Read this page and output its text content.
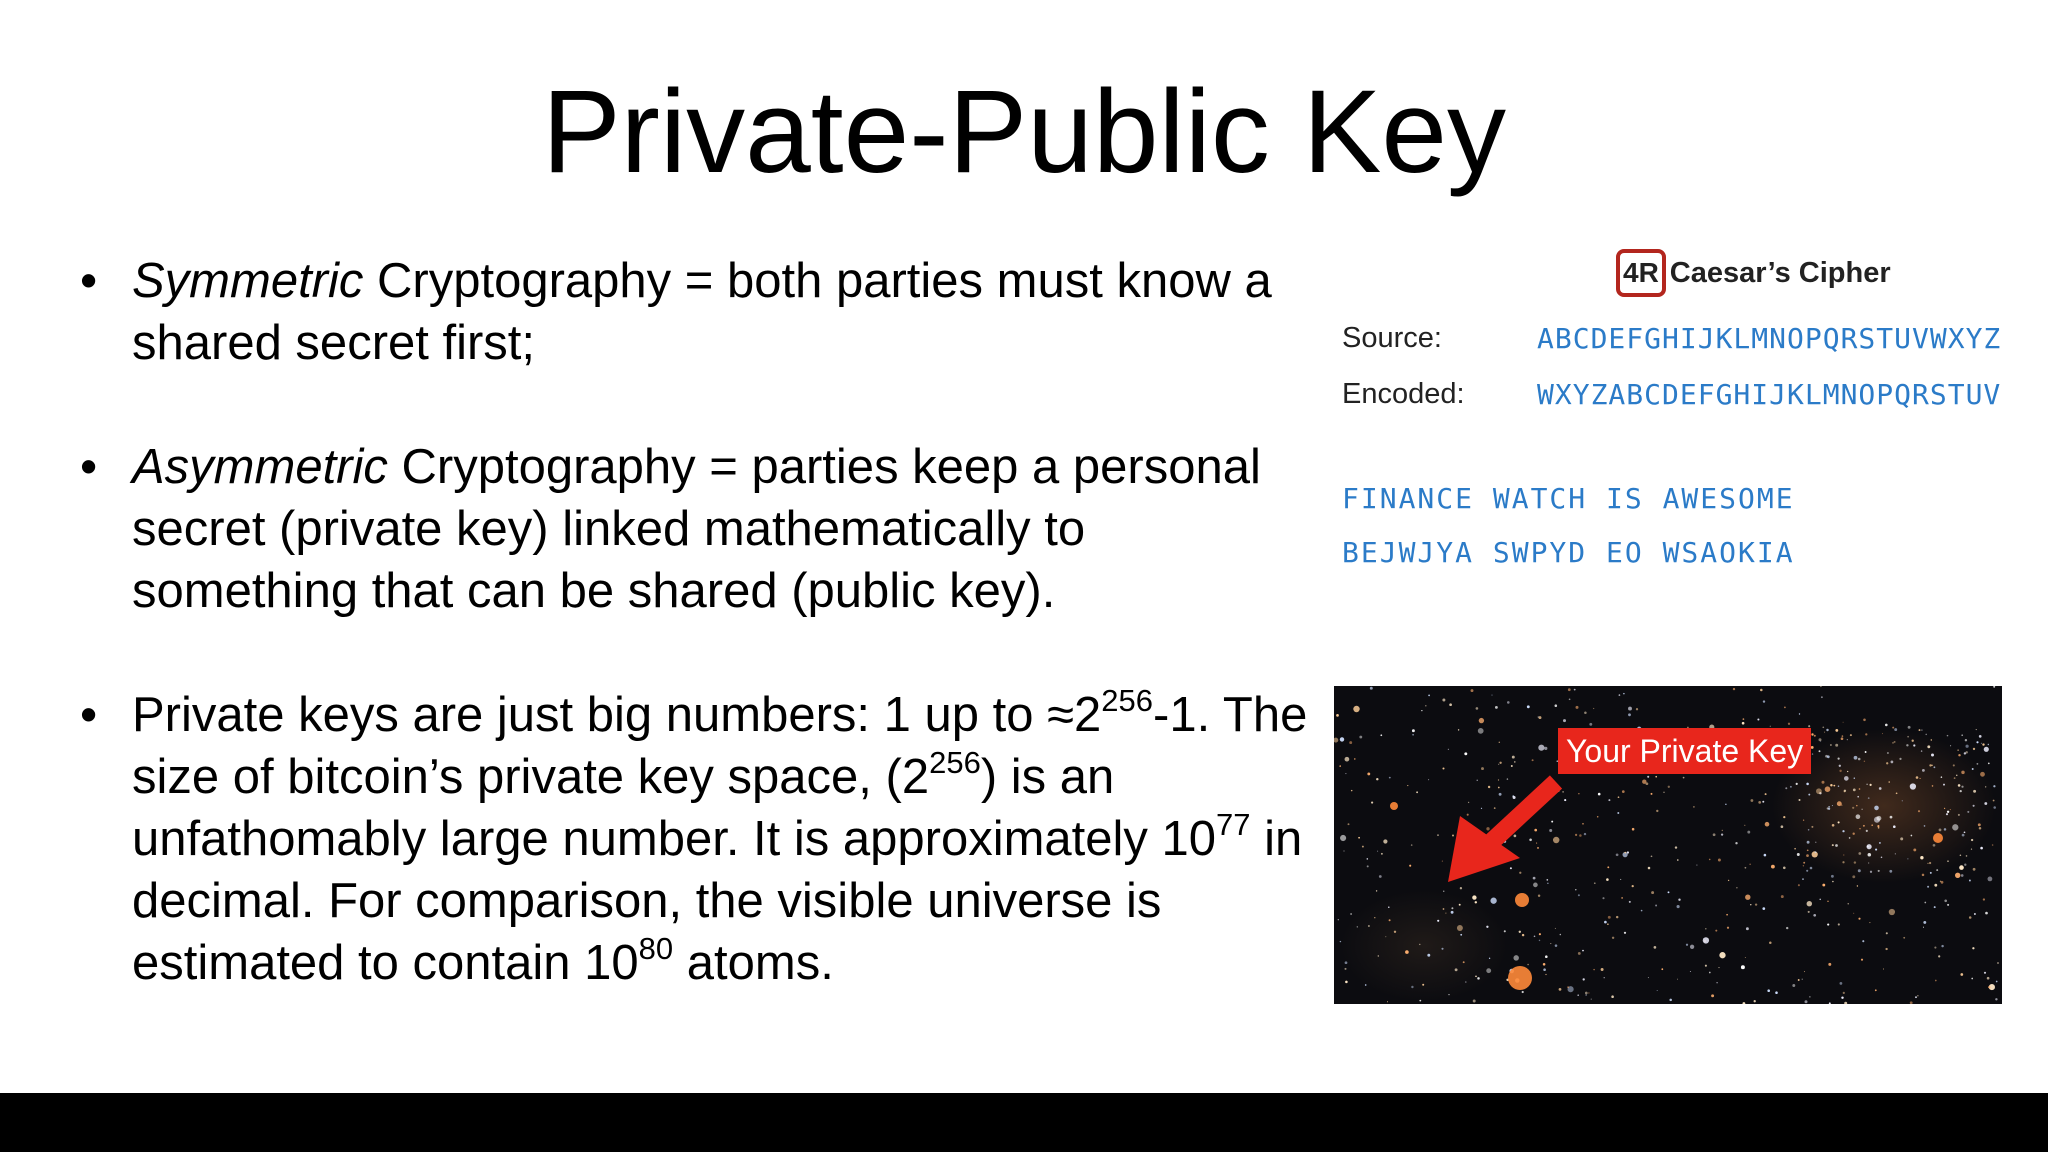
Private-Public Key
• Symmetric Cryptography = both parties must know a shared secret first;
• Asymmetric Cryptography = parties keep a personal secret (private key) linked mathematically to something that can be shared (public key).
• Private keys are just big numbers: 1 up to $\approx 2^{256}-1$. The size of bitcoin’s private key space, $(2^{256})$ is an unfathomably large number. It is approximately $10^{77}$ in decimal. For comparison, the visible universe is estimated to contain $10^{80}$ atoms.
4R Caesar’s Cipher
Source:	ABCDEFGHIJKLMNOPQRSTUVWXYZ
Encoded:	WXYZABCDEFGHIJKLMNOPQRSTUV
FINANCE WATCH IS AWESOME
BEJWJYA SWPYD EO WSAOKIA
Your Private Key
